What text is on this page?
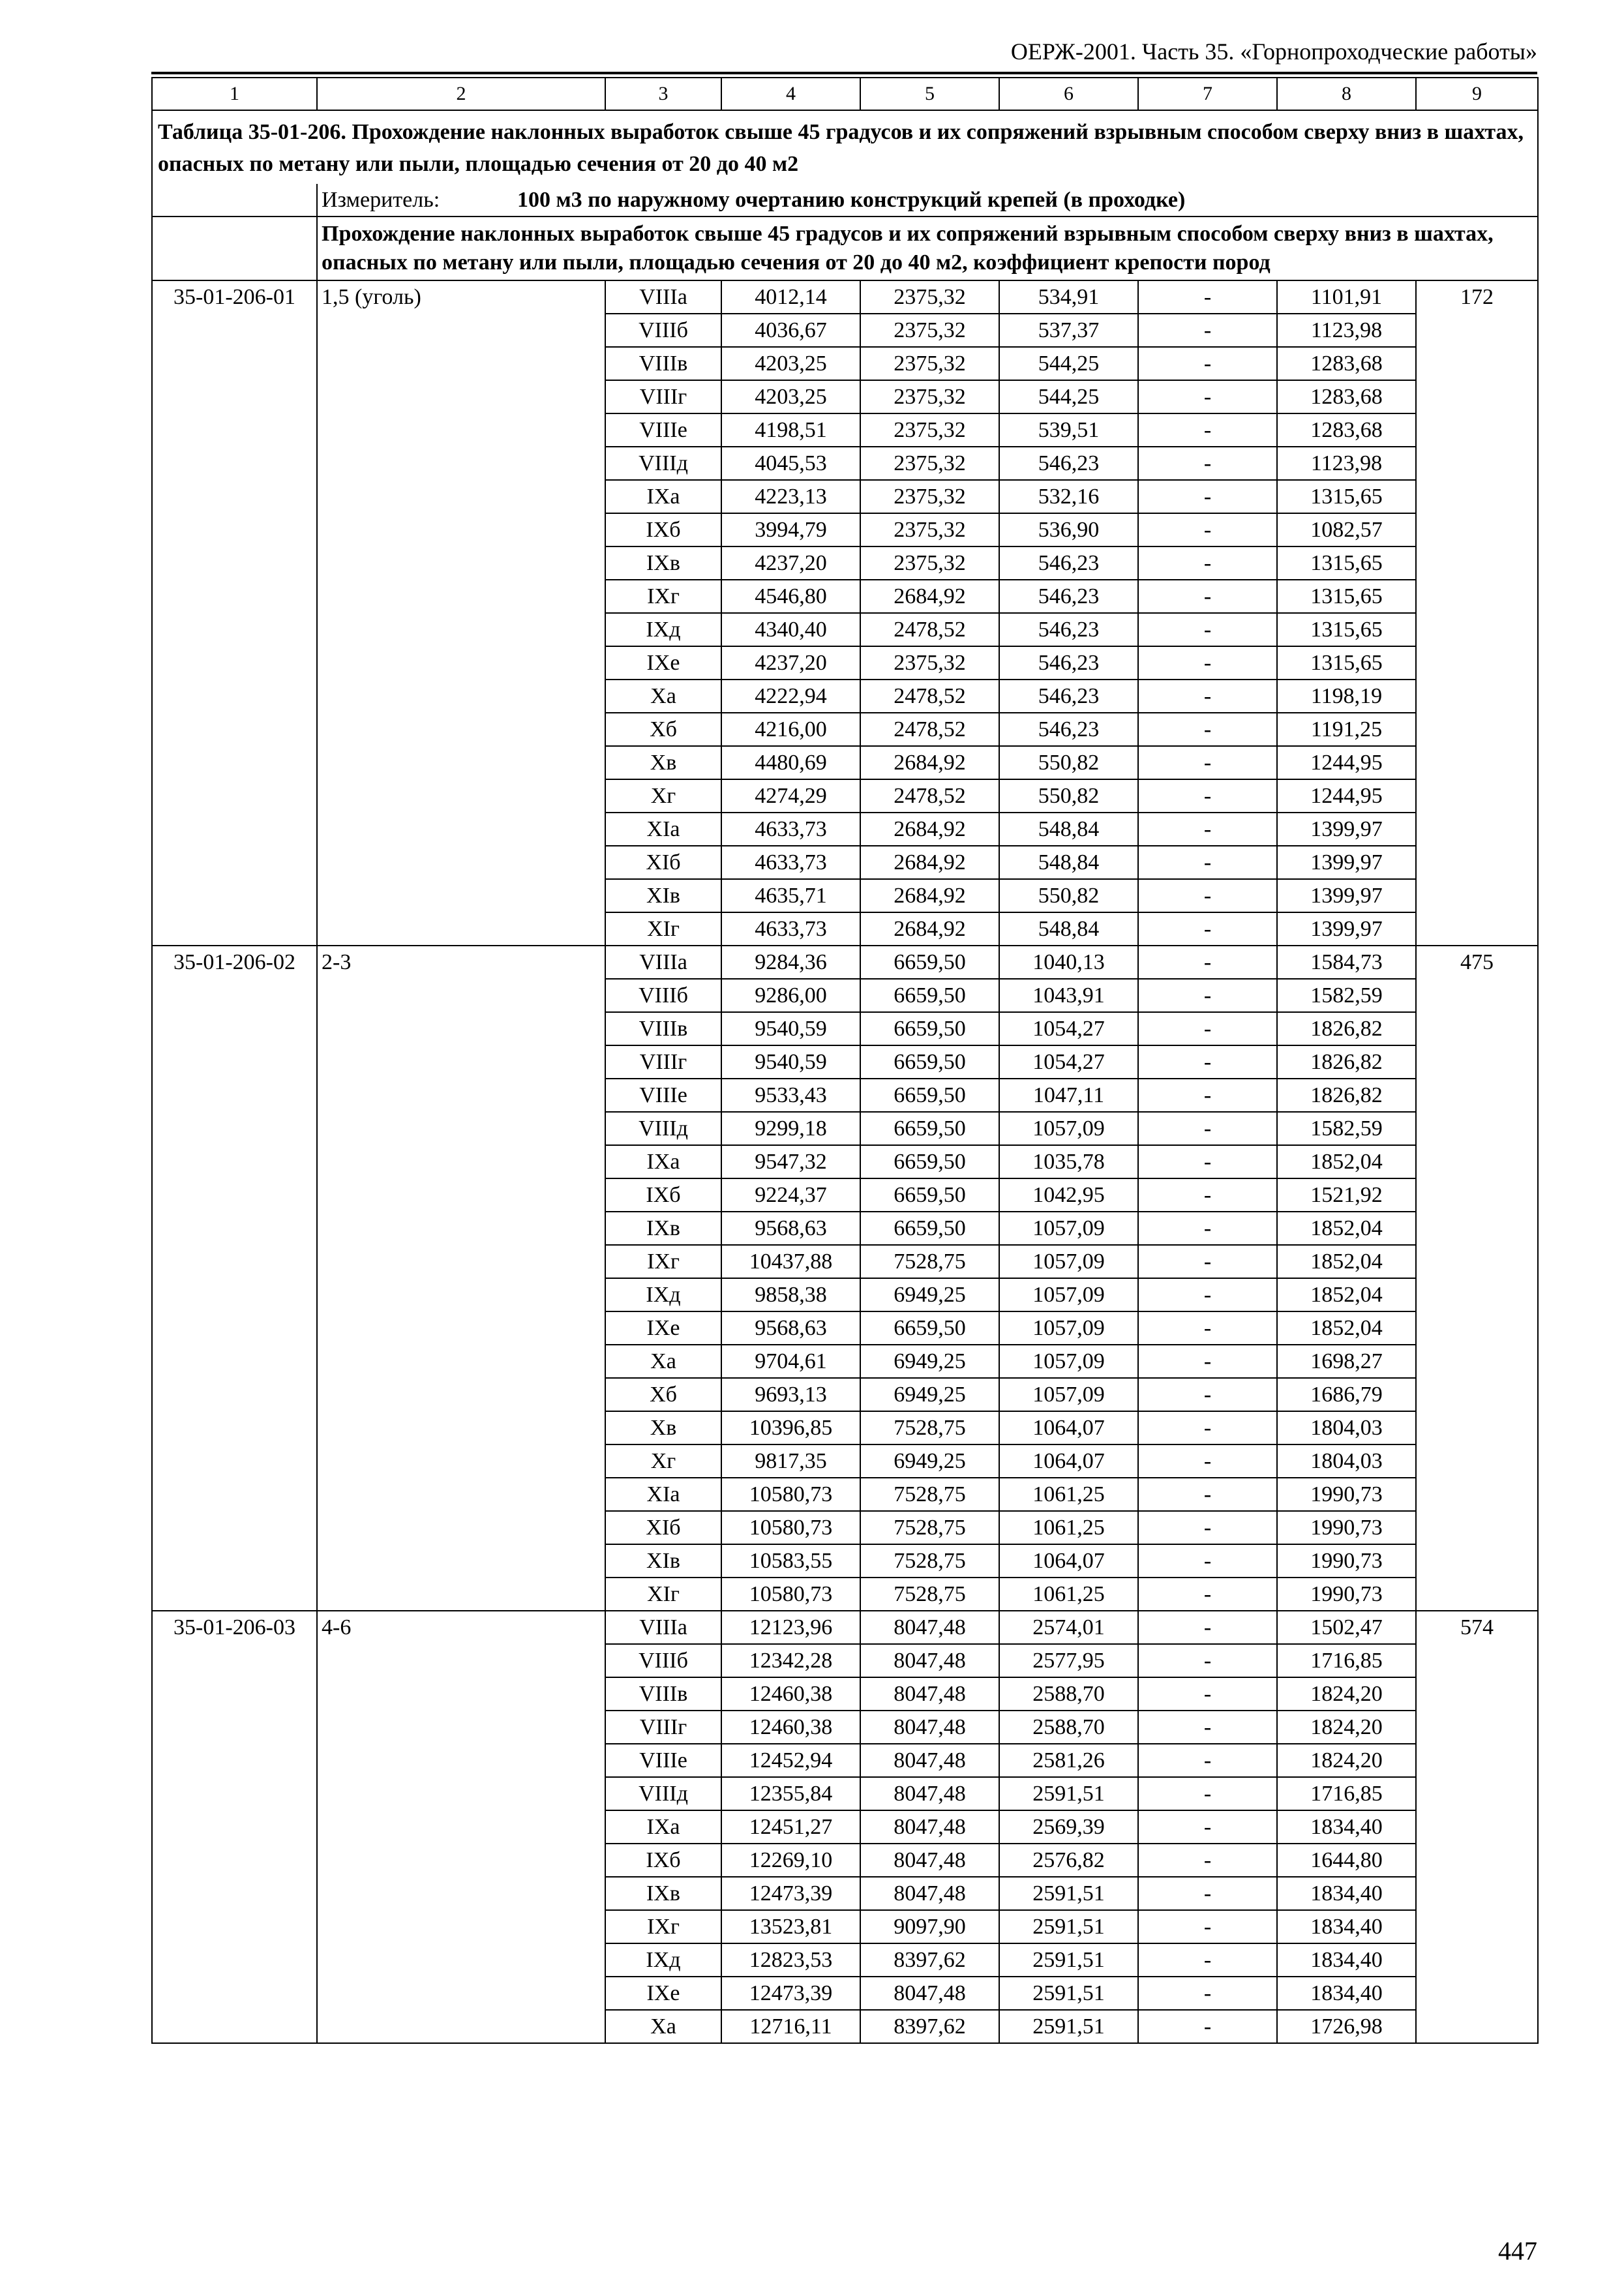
ОЕРЖ-2001. Часть 35. «Горнопроходческие работы»
1	2	3	4	5	6	7	8	9
Таблица 35-01-206. Прохождение наклонных выработок свыше 45 градусов и их сопряжений взрывным способом сверху вниз в шахтах, опасных по метану или пыли, площадью сечения от 20 до 40 м2								
	Измеритель: 100 м3 по наружному очертанию конструкций крепей (в проходке)							
	Прохождение наклонных выработок свыше 45 градусов и их сопряжений взрывным способом сверху вниз в шахтах, опасных по метану или пыли, площадью сечения от 20 до 40 м2, коэффициент крепости пород							
35-01-206-01	1,5 (уголь)	VIIIа	4012,14	2375,32	534,91	-	1101,91	172
		VIIIб	4036,67	2375,32	537,37	-	1123,98	
		VIIIв	4203,25	2375,32	544,25	-	1283,68	
		VIIIг	4203,25	2375,32	544,25	-	1283,68	
		VIIIе	4198,51	2375,32	539,51	-	1283,68	
		VIIIд	4045,53	2375,32	546,23	-	1123,98	
		IXа	4223,13	2375,32	532,16	-	1315,65	
		IXб	3994,79	2375,32	536,90	-	1082,57	
		IXв	4237,20	2375,32	546,23	-	1315,65	
		IXг	4546,80	2684,92	546,23	-	1315,65	
		IXд	4340,40	2478,52	546,23	-	1315,65	
		IXе	4237,20	2375,32	546,23	-	1315,65	
		Xа	4222,94	2478,52	546,23	-	1198,19	
		Xб	4216,00	2478,52	546,23	-	1191,25	
		Xв	4480,69	2684,92	550,82	-	1244,95	
		Xг	4274,29	2478,52	550,82	-	1244,95	
		XIа	4633,73	2684,92	548,84	-	1399,97	
		XIб	4633,73	2684,92	548,84	-	1399,97	
		XIв	4635,71	2684,92	550,82	-	1399,97	
		XIг	4633,73	2684,92	548,84	-	1399,97	
35-01-206-02	2-3	VIIIа	9284,36	6659,50	1040,13	-	1584,73	475
		VIIIб	9286,00	6659,50	1043,91	-	1582,59	
		VIIIв	9540,59	6659,50	1054,27	-	1826,82	
		VIIIг	9540,59	6659,50	1054,27	-	1826,82	
		VIIIе	9533,43	6659,50	1047,11	-	1826,82	
		VIIIд	9299,18	6659,50	1057,09	-	1582,59	
		IXа	9547,32	6659,50	1035,78	-	1852,04	
		IXб	9224,37	6659,50	1042,95	-	1521,92	
		IXв	9568,63	6659,50	1057,09	-	1852,04	
		IXг	10437,88	7528,75	1057,09	-	1852,04	
		IXд	9858,38	6949,25	1057,09	-	1852,04	
		IXе	9568,63	6659,50	1057,09	-	1852,04	
		Xа	9704,61	6949,25	1057,09	-	1698,27	
		Xб	9693,13	6949,25	1057,09	-	1686,79	
		Xв	10396,85	7528,75	1064,07	-	1804,03	
		Xг	9817,35	6949,25	1064,07	-	1804,03	
		XIа	10580,73	7528,75	1061,25	-	1990,73	
		XIб	10580,73	7528,75	1061,25	-	1990,73	
		XIв	10583,55	7528,75	1064,07	-	1990,73	
		XIг	10580,73	7528,75	1061,25	-	1990,73	
35-01-206-03	4-6	VIIIа	12123,96	8047,48	2574,01	-	1502,47	574
		VIIIб	12342,28	8047,48	2577,95	-	1716,85	
		VIIIв	12460,38	8047,48	2588,70	-	1824,20	
		VIIIг	12460,38	8047,48	2588,70	-	1824,20	
		VIIIе	12452,94	8047,48	2581,26	-	1824,20	
		VIIIд	12355,84	8047,48	2591,51	-	1716,85	
		IXа	12451,27	8047,48	2569,39	-	1834,40	
		IXб	12269,10	8047,48	2576,82	-	1644,80	
		IXв	12473,39	8047,48	2591,51	-	1834,40	
		IXг	13523,81	9097,90	2591,51	-	1834,40	
		IXд	12823,53	8397,62	2591,51	-	1834,40	
		IXе	12473,39	8047,48	2591,51	-	1834,40	
		Xа	12716,11	8397,62	2591,51	-	1726,98	
447
